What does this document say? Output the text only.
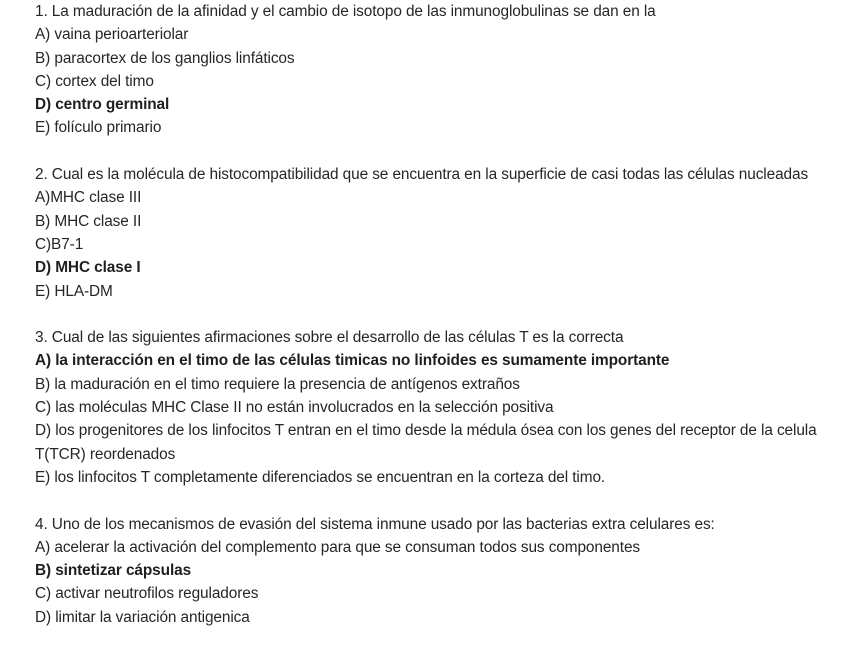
1. La maduración de la afinidad y el cambio de isotopo de las inmunoglobulinas se dan en la
A) vaina perioarteriolar
B) paracortex de los ganglios linfáticos
C) cortex del timo
D) centro germinal
E) folículo primario
2. Cual es la molécula de histocompatibilidad que se encuentra en la superficie de casi todas las células nucleadas
A)MHC clase III
B) MHC clase II
C)B7-1
D) MHC clase I
E) HLA-DM
3. Cual de las siguientes afirmaciones sobre el desarrollo de las células T es la correcta
A) la interacción en el timo de las células timicas no linfoides es sumamente importante
B) la maduración en el timo requiere la presencia de antígenos extraños
C) las moléculas MHC Clase II no están involucrados en la selección positiva
D) los progenitores de los linfocitos T entran en el timo desde la médula ósea con los genes del receptor de la celula T(TCR) reordenados
E) los linfocitos T completamente diferenciados se encuentran en la corteza del timo.
4. Uno de los mecanismos de evasión del sistema inmune usado por las bacterias extra celulares es:
A) acelerar la activación del complemento para que se consuman todos sus componentes
B) sintetizar cápsulas
C) activar neutrofilos reguladores
D) limitar la variación antigenica
